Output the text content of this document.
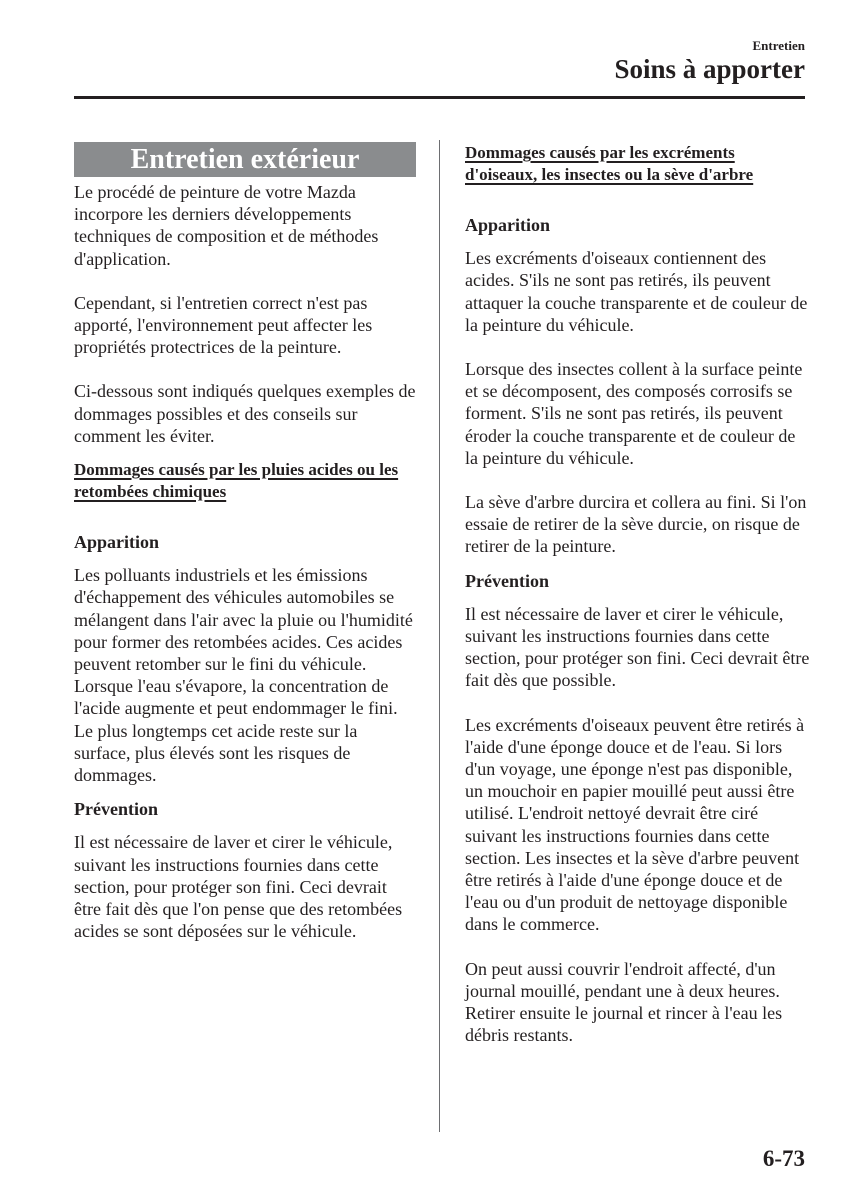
Entretien
Soins à apporter
Entretien extérieur

Le procédé de peinture de votre Mazda incorpore les derniers développements techniques de composition et de méthodes d'application.

Cependant, si l'entretien correct n'est pas apporté, l'environnement peut affecter les propriétés protectrices de la peinture.

Ci-dessous sont indiqués quelques exemples de dommages possibles et des conseils sur comment les éviter.

Dommages causés par les pluies acides ou les retombées chimiques
Apparition

Les polluants industriels et les émissions d'échappement des véhicules automobiles se mélangent dans l'air avec la pluie ou l'humidité pour former des retombées acides. Ces acides peuvent retomber sur le fini du véhicule. Lorsque l'eau s'évapore, la concentration de l'acide augmente et peut endommager le fini.

Le plus longtemps cet acide reste sur la surface, plus élevés sont les risques de dommages.

Prévention

Il est nécessaire de laver et cirer le véhicule, suivant les instructions fournies dans cette section, pour protéger son fini. Ceci devrait être fait dès que l'on pense que des retombées acides se sont déposées sur le véhicule.

Dommages causés par les excréments d'oiseaux, les insectes ou la sève d'arbre
Apparition

Les excréments d'oiseaux contiennent des acides. S'ils ne sont pas retirés, ils peuvent attaquer la couche transparente et de couleur de la peinture du véhicule.

Lorsque des insectes collent à la surface peinte et se décomposent, des composés corrosifs se forment. S'ils ne sont pas retirés, ils peuvent éroder la couche transparente et de couleur de la peinture du véhicule.

La sève d'arbre durcira et collera au fini. Si l'on essaie de retirer de la sève durcie, on risque de retirer de la peinture.

Prévention

Il est nécessaire de laver et cirer le véhicule, suivant les instructions fournies dans cette section, pour protéger son fini. Ceci devrait être fait dès que possible.

Les excréments d'oiseaux peuvent être retirés à l'aide d'une éponge douce et de l'eau. Si lors d'un voyage, une éponge n'est pas disponible, un mouchoir en papier mouillé peut aussi être utilisé. L'endroit nettoyé devrait être ciré suivant les instructions fournies dans cette section. Les insectes et la sève d'arbre peuvent être retirés à l'aide d'une éponge douce et de l'eau ou d'un produit de nettoyage disponible dans le commerce.

On peut aussi couvrir l'endroit affecté, d'un journal mouillé, pendant une à deux heures. Retirer ensuite le journal et rincer à l'eau les débris restants.

6-73
